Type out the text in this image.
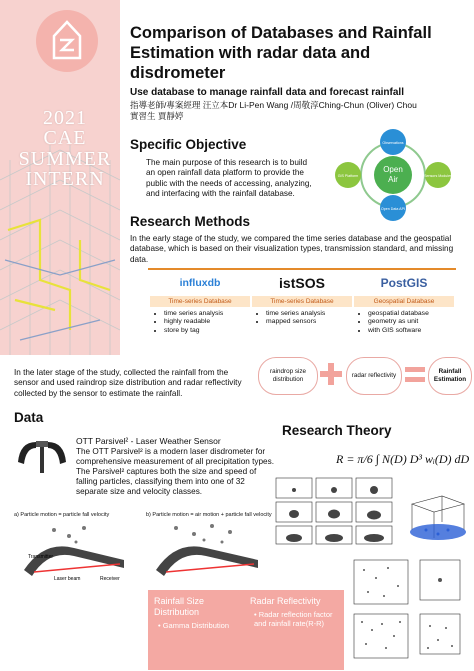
2021
CAE
SUMMER
INTERN
Comparison of Databases and Rainfall Estimation with radar data and disdrometer
Use database to manage rainfall data and forecast rainfall
指導老師/專案經理 汪立本Dr Li-Pen Wang /周敬淳Ching-Chun (Oliver) Chou
實習生 賈靜婷
Specific Objective
The main purpose of this research is to build an open rainfall data platform to provide the public with the needs of accessing, analyzing, and interfacing with the rainfall database.
Open
Air
Observations
Sensors Modules
Open Data API
GIS Platform
Research Methods
In the early stage of the study, we compared the time series database and the geospatial database, which is based on their visualization types, transmission standard, and missing data.
influxdb
Time-series Database
• time series analysis
• highly readable
• store by tag
istSOS
Time-series Database
• time series analysis
• mapped sensors
PostGIS
Geospatial Database
• geospatial database
• geometry as unit
• with GIS software
In the later stage of the study, collected the rainfall from the sensor and used raindrop size distribution and radar reflectivity collected by the sensor to estimate the rainfall.
raindrop size distribution
radar reflectivity
Rainfall Estimation
Data
OTT Parsivel² - Laser Weather Sensor
The OTT Parsivel² is a modern laser disdrometer for comprehensive measurement of all precipitation types. The Parsivel² captures both the size and speed of falling particles, classifying them into one of 32 separate size and velocity classes.
a) Particle motion = particle fall velocity	b) Particle motion = air motion + particle fall velocity
Transmitter
Laser beam	Receiver
Research Theory
R = π/6 ∫ N(D) D³ wᵢ(D) dD
Rainfall Size Distribution
• Gamma Distribution
Radar Reflectivity
• Radar reflection factor and rainfall rate(R-R)
